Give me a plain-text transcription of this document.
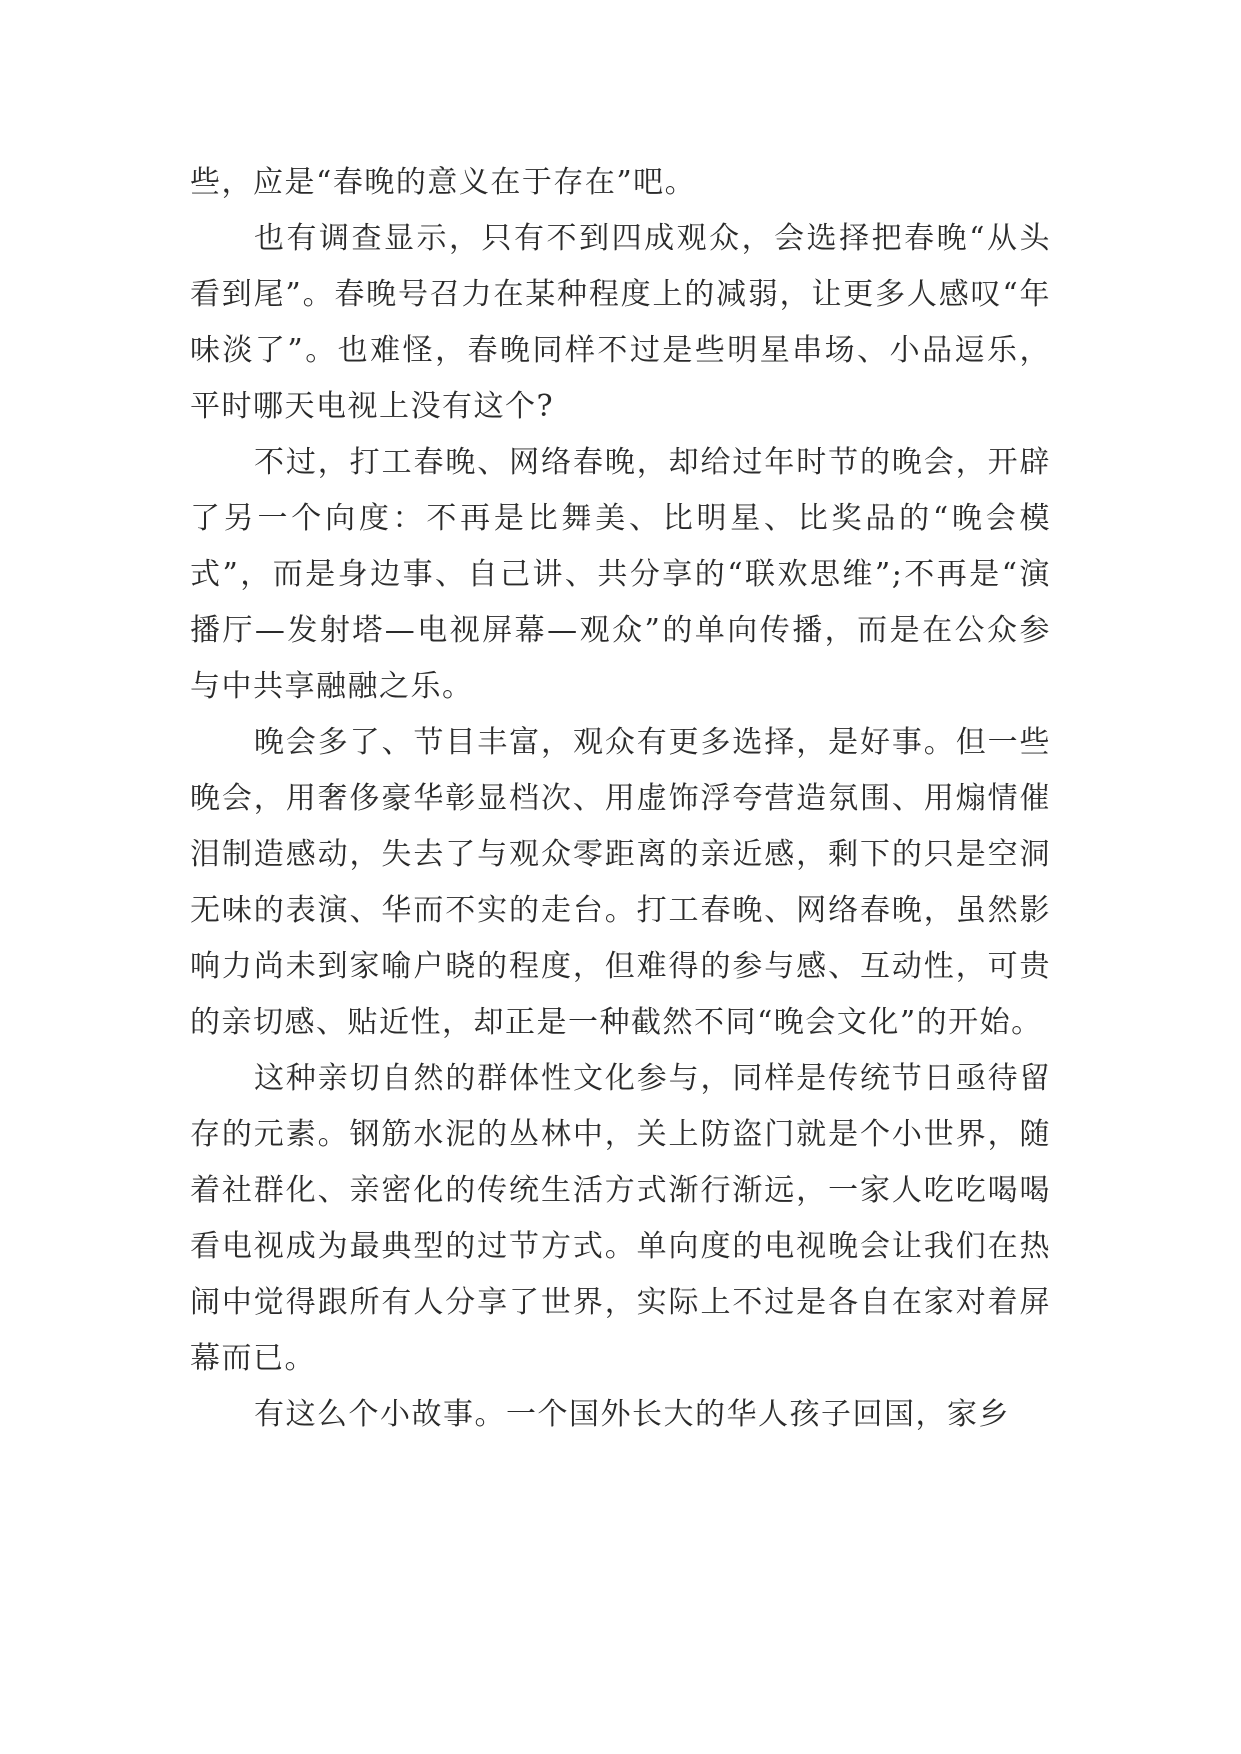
些，应是“春晚的意义在于存在”吧。

也有调查显示，只有不到四成观众，会选择把春晚“从头看到尾”。春晚号召力在某种程度上的减弱，让更多人感叹“年味淡了”。也难怪，春晚同样不过是些明星串场、小品逗乐，平时哪天电视上没有这个?

不过，打工春晚、网络春晚，却给过年时节的晚会，开辟了另一个向度：不再是比舞美、比明星、比奖品的“晚会模式”，而是身边事、自己讲、共分享的“联欢思维”;不再是“演播厅—发射塔—电视屏幕—观众”的单向传播，而是在公众参与中共享融融之乐。

晚会多了、节目丰富，观众有更多选择，是好事。但一些晚会，用奢侈豪华彰显档次、用虚饰浮夸营造氛围、用煽情催泪制造感动，失去了与观众零距离的亲近感，剩下的只是空洞无味的表演、华而不实的走台。打工春晚、网络春晚，虽然影响力尚未到家喻户晓的程度，但难得的参与感、互动性，可贵的亲切感、贴近性，却正是一种截然不同“晚会文化”的开始。

这种亲切自然的群体性文化参与，同样是传统节日亟待留存的元素。钢筋水泥的丛林中，关上防盗门就是个小世界，随着社群化、亲密化的传统生活方式渐行渐远，一家人吃吃喝喝看电视成为最典型的过节方式。单向度的电视晚会让我们在热闹中觉得跟所有人分享了世界，实际上不过是各自在家对着屏幕而已。

有这么个小故事。一个国外长大的华人孩子回国，家乡
